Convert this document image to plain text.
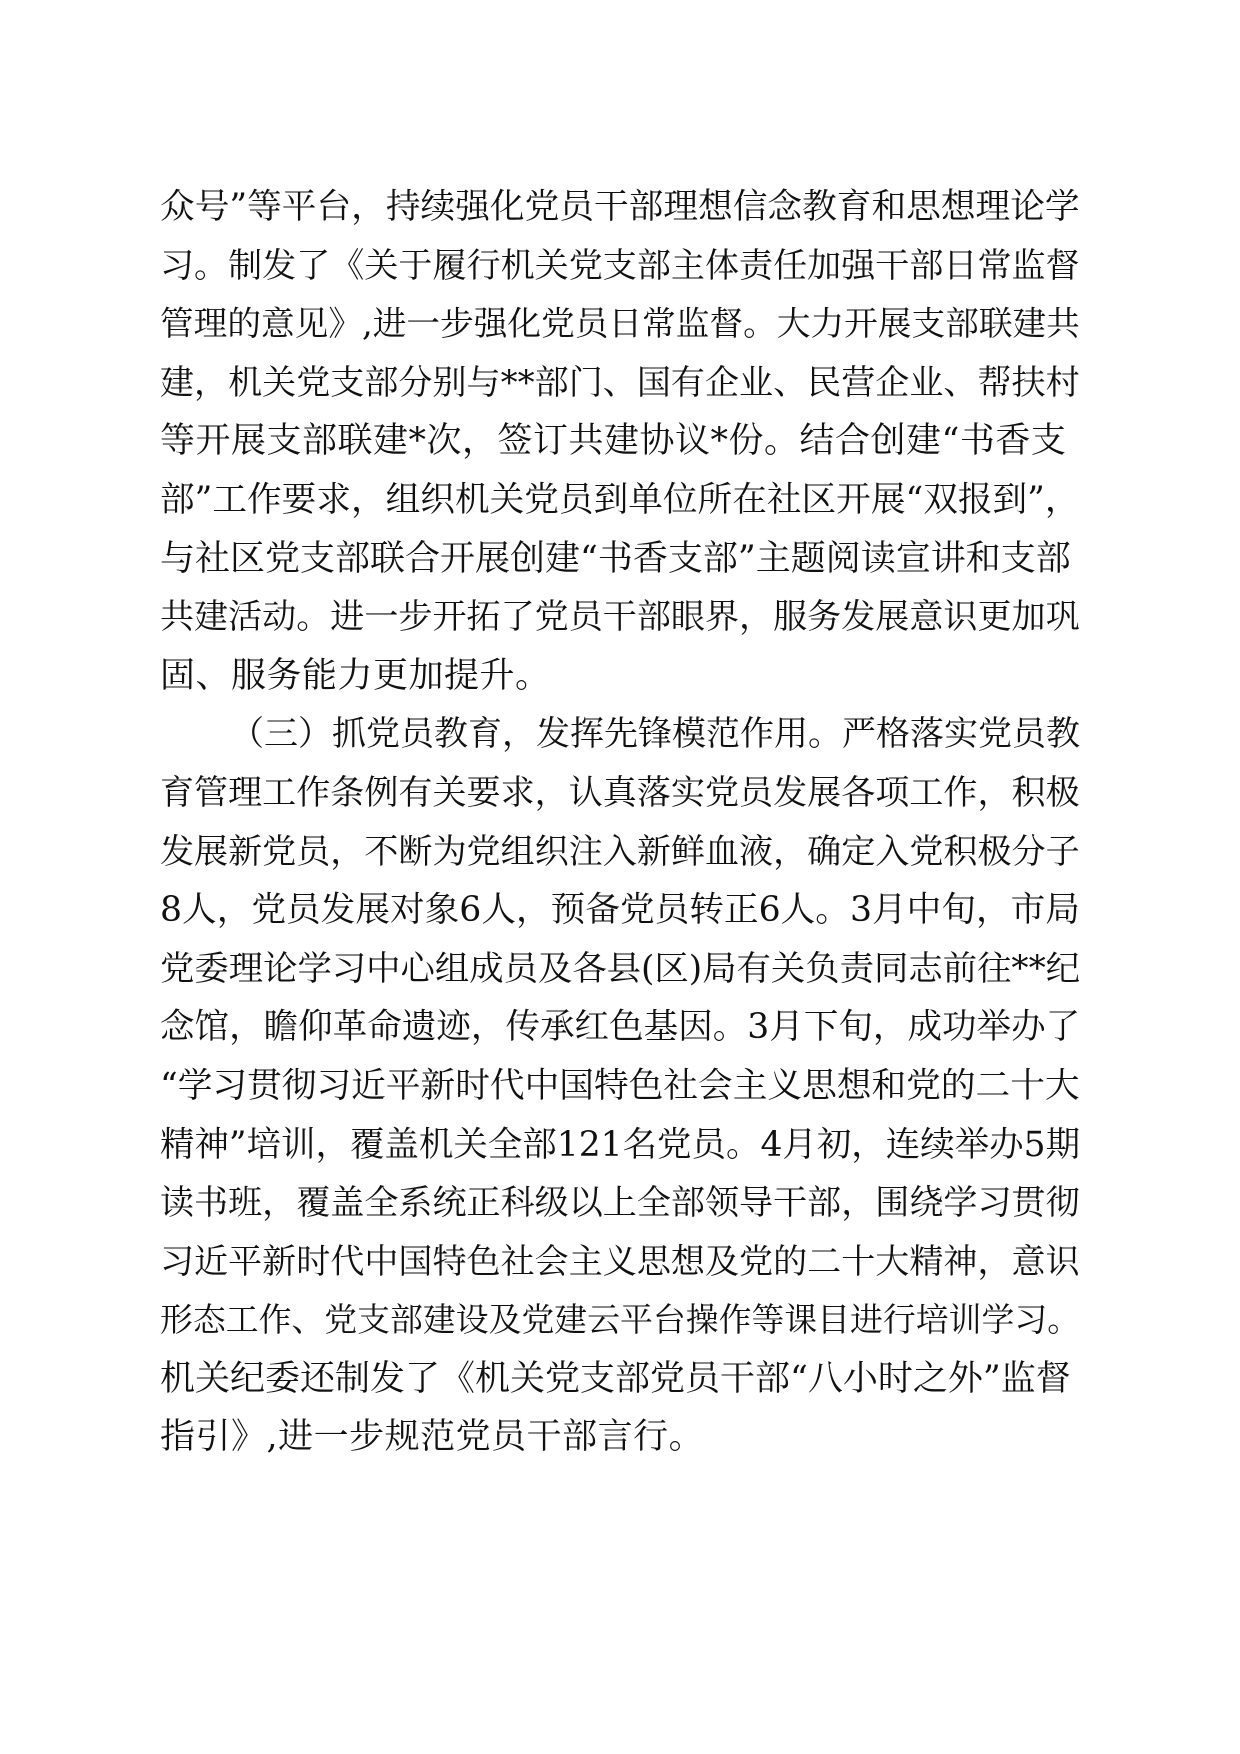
众号”等平台，持续强化党员干部理想信念教育和思想理论学
习。制发了《关于履行机关党支部主体责任加强干部日常监督
管理的意见》,进一步强化党员日常监督。大力开展支部联建共
建，机关党支部分别与**部门、国有企业、民营企业、帮扶村
等开展支部联建*次，签订共建协议*份。结合创建“书香支
部”工作要求，组织机关党员到单位所在社区开展“双报到”，
与社区党支部联合开展创建“书香支部”主题阅读宣讲和支部
共建活动。进一步开拓了党员干部眼界，服务发展意识更加巩
固、服务能力更加提升。
（三）抓党员教育，发挥先锋模范作用。严格落实党员教
育管理工作条例有关要求，认真落实党员发展各项工作，积极
发展新党员，不断为党组织注入新鲜血液，确定入党积极分子
8人，党员发展对象6人，预备党员转正6人。3月中旬，市局
党委理论学习中心组成员及各县(区)局有关负责同志前往**纪
念馆，瞻仰革命遗迹，传承红色基因。3月下旬，成功举办了
“学习贯彻习近平新时代中国特色社会主义思想和党的二十大
精神”培训，覆盖机关全部121名党员。4月初，连续举办5期
读书班，覆盖全系统正科级以上全部领导干部，围绕学习贯彻
习近平新时代中国特色社会主义思想及党的二十大精神，意识
形态工作、党支部建设及党建云平台操作等课目进行培训学习。
机关纪委还制发了《机关党支部党员干部“八小时之外”监督
指引》,进一步规范党员干部言行。
